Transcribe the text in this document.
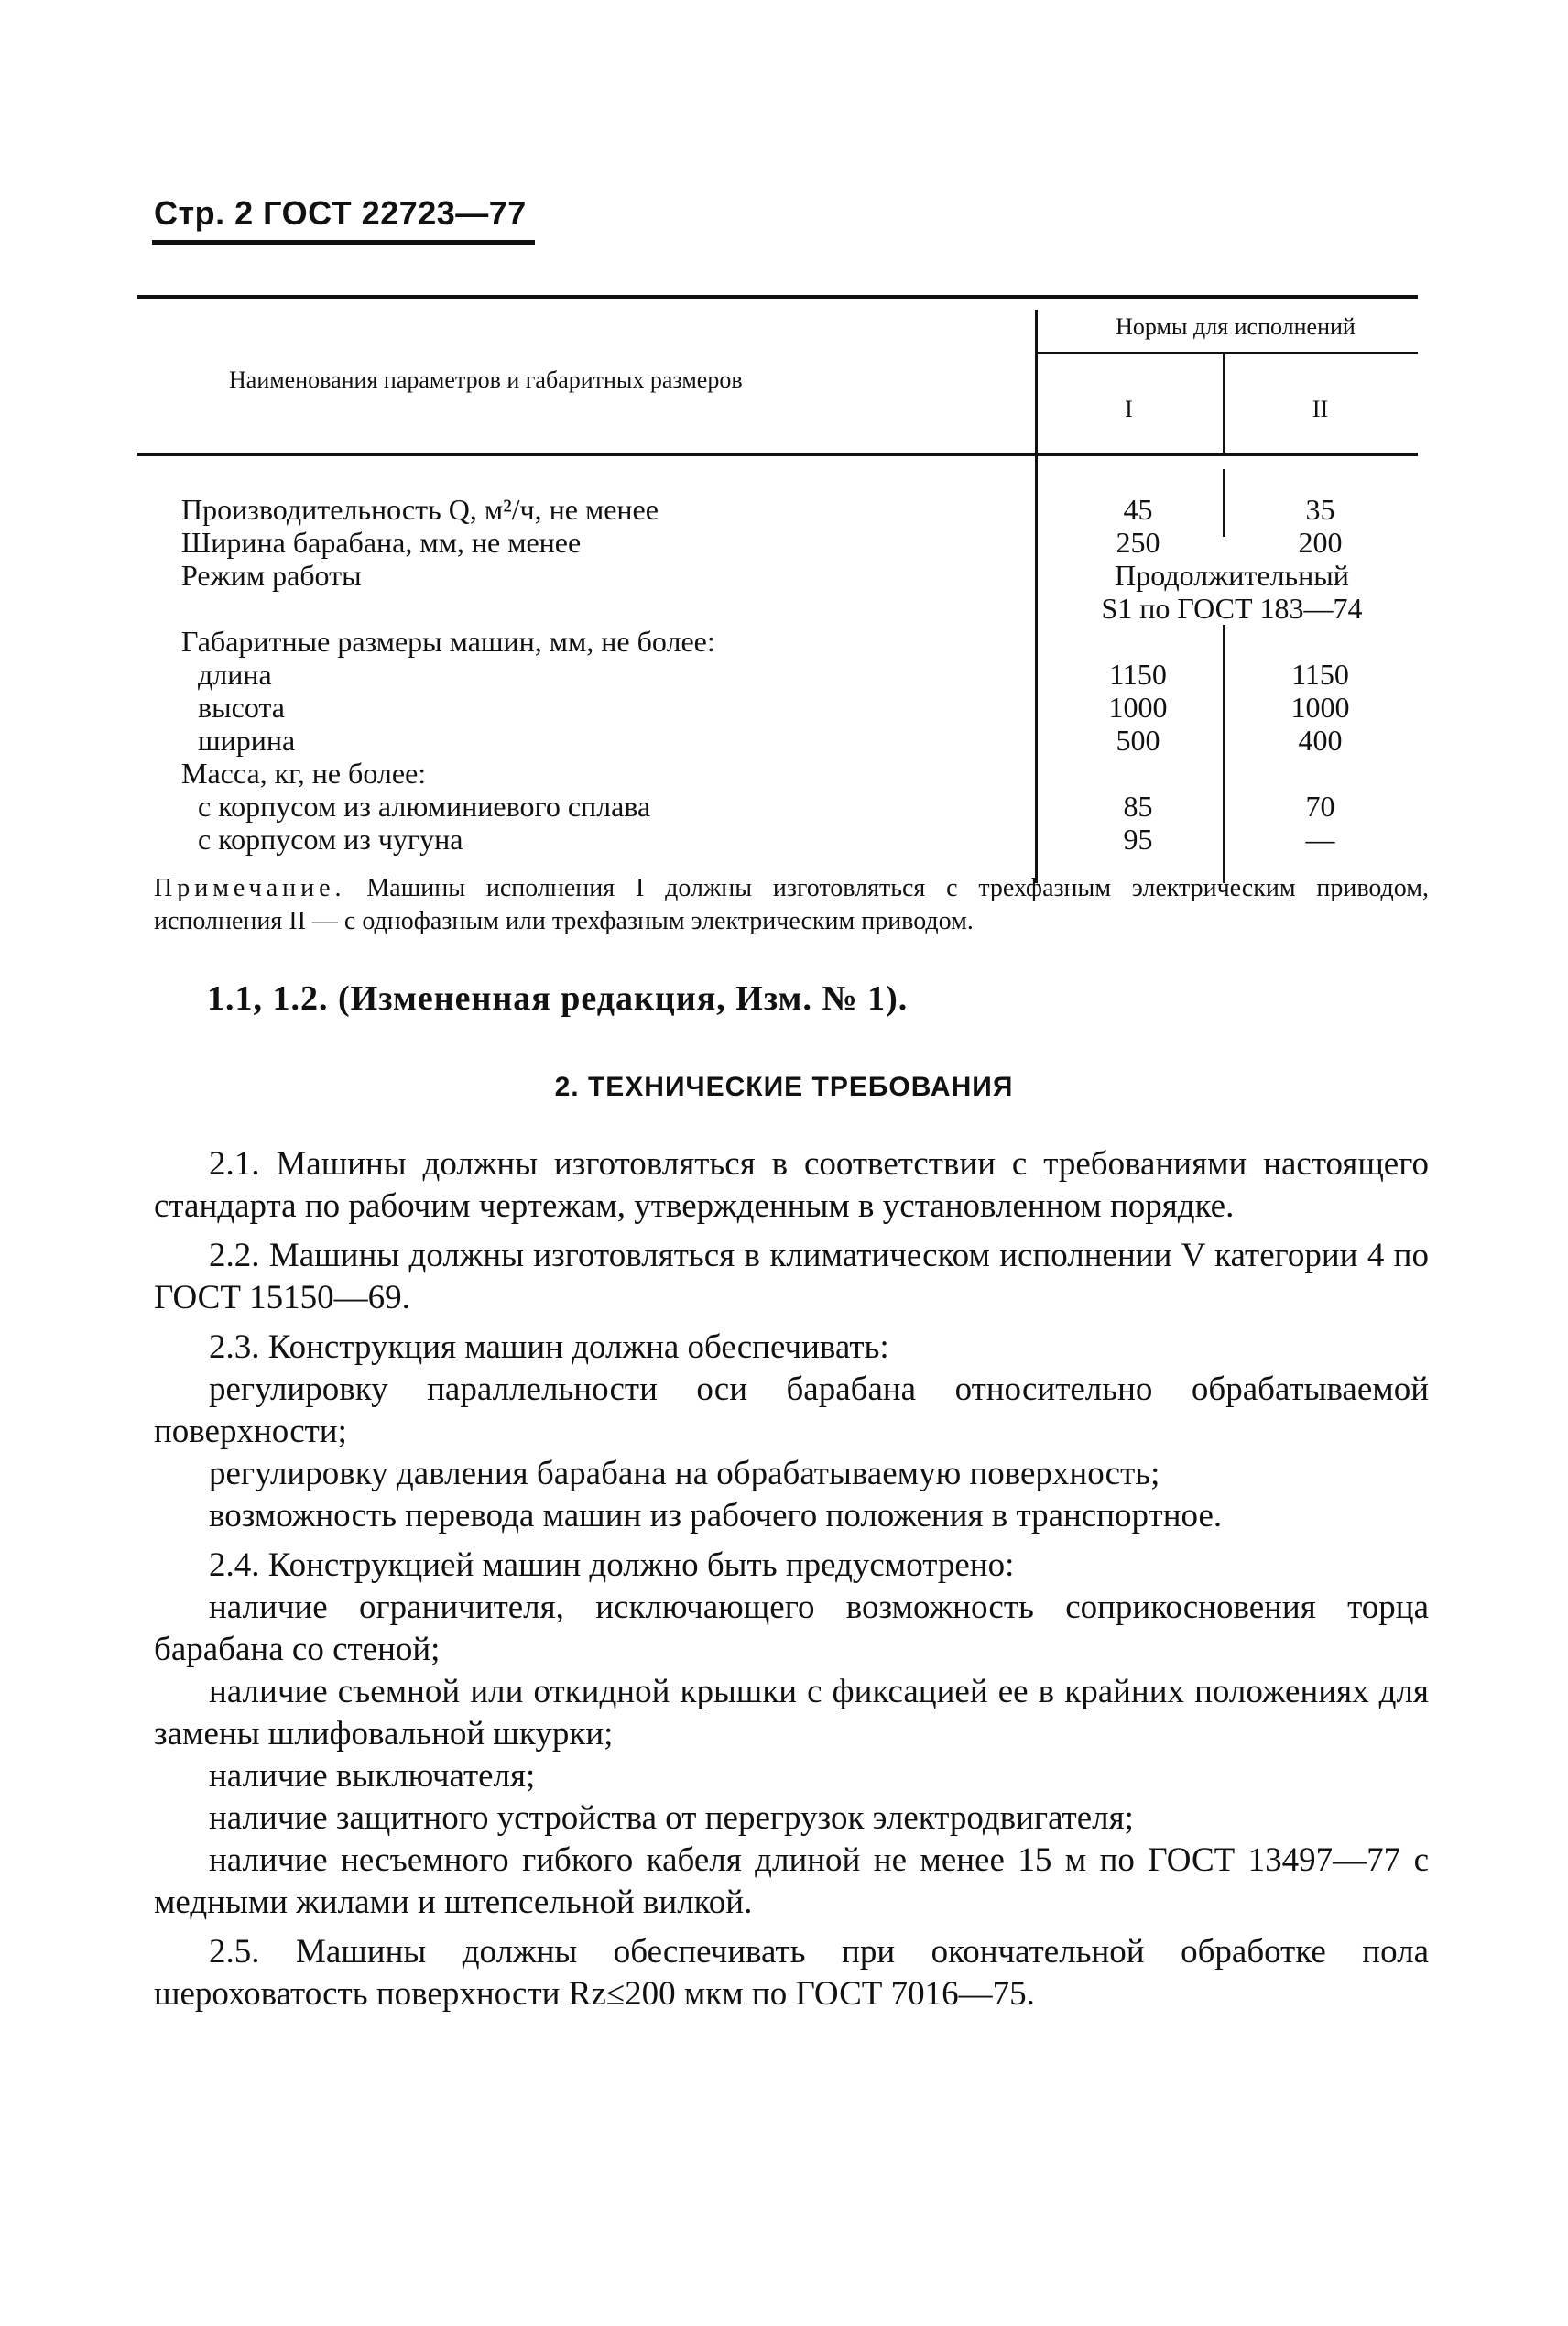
Стр. 2 ГОСТ 22723—77
Наименования параметров и габаритных размеров
Нормы для исполнений
I	II
Производительность Q, м²/ч, не менее	45	35
Ширина барабана, мм, не менее	250	200
Режим работы	Продолжительный
S1 по ГОСТ 183—74
Габаритные размеры машин, мм, не более:
длина	1150	1150
высота	1000	1000
ширина	500	400
Масса, кг, не более:
с корпусом из алюминиевого сплава	85	70
с корпусом из чугуна	95	—
Примечание. Машины исполнения I должны изготовляться с трехфазным электрическим приводом, исполнения II — с однофазным или трехфазным электрическим приводом.
1.1, 1.2. (Измененная редакция, Изм. № 1).
2. ТЕХНИЧЕСКИЕ ТРЕБОВАНИЯ
2.1. Машины должны изготовляться в соответствии с требованиями настоящего стандарта по рабочим чертежам, утвержденным в установленном порядке.
2.2. Машины должны изготовляться в климатическом исполнении V категории 4 по ГОСТ 15150—69.
2.3. Конструкция машин должна обеспечивать:
регулировку параллельности оси барабана относительно обрабатываемой поверхности;
регулировку давления барабана на обрабатываемую поверхность;
возможность перевода машин из рабочего положения в транспортное.
2.4. Конструкцией машин должно быть предусмотрено:
наличие ограничителя, исключающего возможность соприкосновения торца барабана со стеной;
наличие съемной или откидной крышки с фиксацией ее в крайних положениях для замены шлифовальной шкурки;
наличие выключателя;
наличие защитного устройства от перегрузок электродвигателя;
наличие несъемного гибкого кабеля длиной не менее 15 м по ГОСТ 13497—77 с медными жилами и штепсельной вилкой.
2.5. Машины должны обеспечивать при окончательной обработке пола шероховатость поверхности Rz≤200 мкм по ГОСТ 7016—75.
